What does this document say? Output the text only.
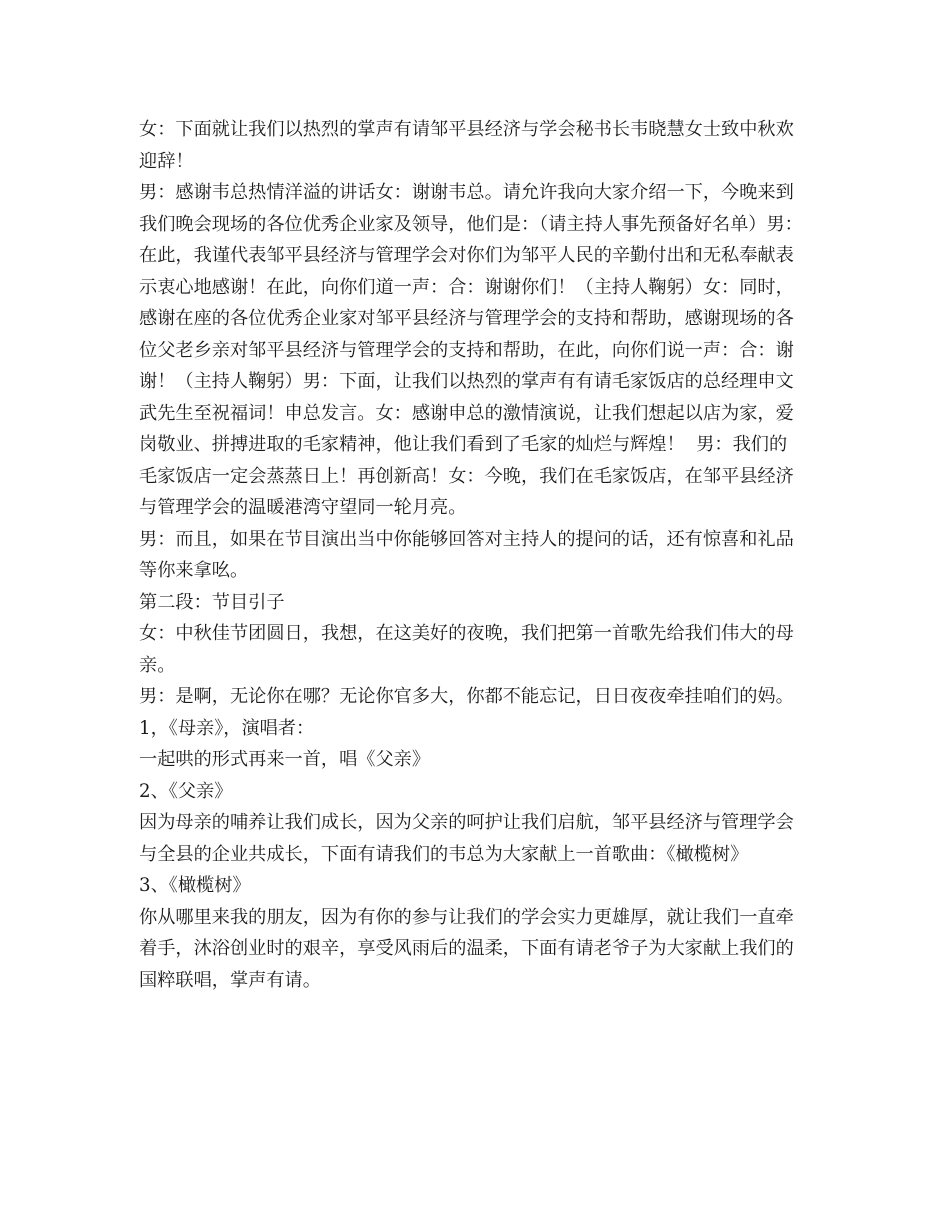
女：下面就让我们以热烈的掌声有请邹平县经济与学会秘书长韦晓慧女士致中秋欢
迎辞！
男：感谢韦总热情洋溢的讲话女：谢谢韦总。请允许我向大家介绍一下，今晚来到
我们晚会现场的各位优秀企业家及领导，他们是：（请主持人事先预备好名单）男：
在此，我谨代表邹平县经济与管理学会对你们为邹平人民的辛勤付出和无私奉献表
示衷心地感谢！在此，向你们道一声：合：谢谢你们！（主持人鞠躬）女：同时，
感谢在座的各位优秀企业家对邹平县经济与管理学会的支持和帮助，感谢现场的各
位父老乡亲对邹平县经济与管理学会的支持和帮助，在此，向你们说一声：合：谢
谢！（主持人鞠躬）男：下面，让我们以热烈的掌声有有请毛家饭店的总经理申文
武先生至祝福词！申总发言。女：感谢申总的激情演说，让我们想起以店为家，爱
岗敬业、拼搏进取的毛家精神，他让我们看到了毛家的灿烂与辉煌！  男：我们的
毛家饭店一定会蒸蒸日上！再创新高！女：今晚，我们在毛家饭店，在邹平县经济
与管理学会的温暖港湾守望同一轮月亮。
男：而且，如果在节目演出当中你能够回答对主持人的提问的话，还有惊喜和礼品
等你来拿吆。
第二段：节目引子
女：中秋佳节团圆日，我想，在这美好的夜晚，我们把第一首歌先给我们伟大的母
亲。
男：是啊，无论你在哪？无论你官多大，你都不能忘记，日日夜夜牵挂咱们的妈。
1，《母亲》，演唱者：
一起哄的形式再来一首，唱《父亲》
2、《父亲》
因为母亲的哺养让我们成长，因为父亲的呵护让我们启航，邹平县经济与管理学会
与全县的企业共成长，下面有请我们的韦总为大家献上一首歌曲：《橄榄树》
3、《橄榄树》
你从哪里来我的朋友，因为有你的参与让我们的学会实力更雄厚，就让我们一直牵
着手，沐浴创业时的艰辛，享受风雨后的温柔，下面有请老爷子为大家献上我们的
国粹联唱，掌声有请。
